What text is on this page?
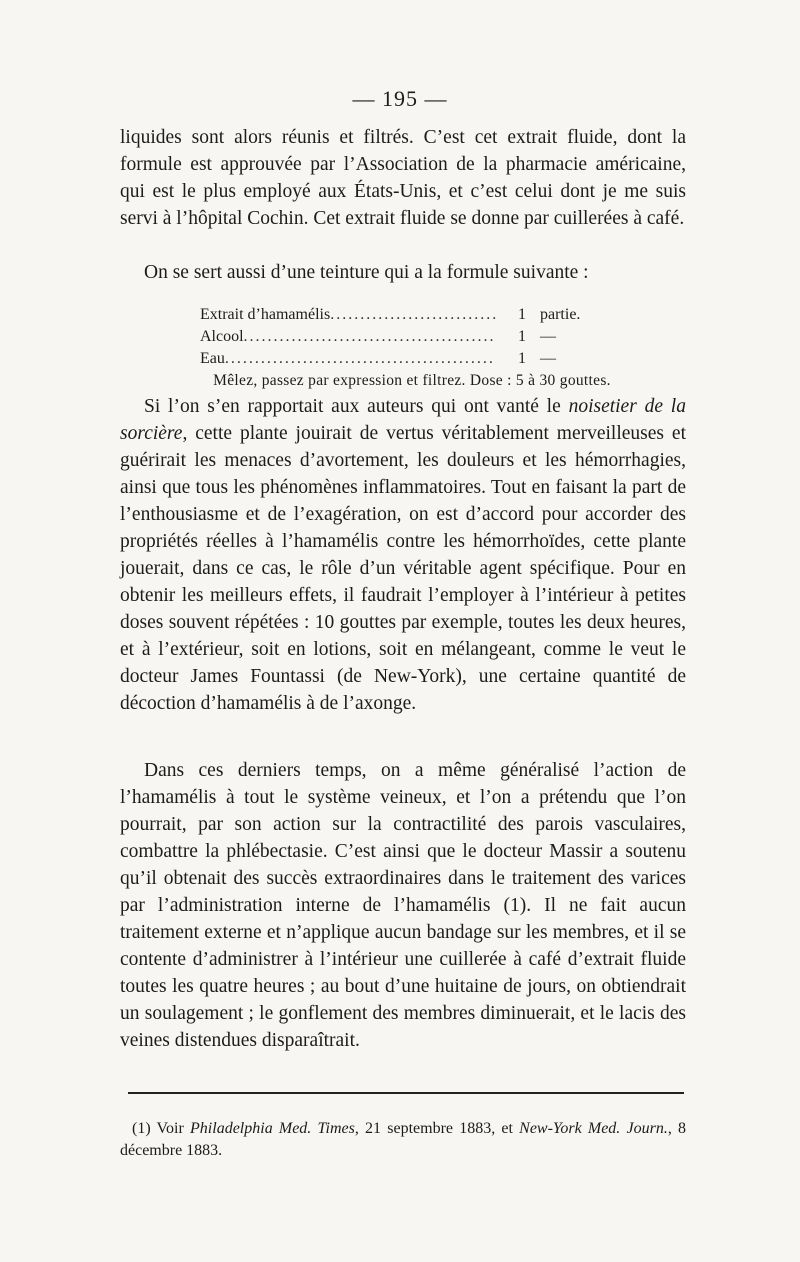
— 195 —

liquides sont alors réunis et filtrés. C’est cet extrait fluide, dont la formule est approuvée par l’Association de la pharmacie américaine, qui est le plus employé aux États-Unis, et c’est celui dont je me suis servi à l’hôpital Cochin. Cet extrait fluide se donne par cuillerées à café.

On se sert aussi d’une teinture qui a la formule suivante :

Extrait d’hamamélis .....	1 partie.
Alcool .....	1 —
Eau .....	1 —
Mêlez, passez par expression et filtrez. Dose : 5 à 30 gouttes.

Si l’on s’en rapportait aux auteurs qui ont vanté le noisetier de la sorcière, cette plante jouirait de vertus véritablement merveilleuses et guérirait les menaces d’avortement, les douleurs et les hémorrhagies, ainsi que tous les phénomènes inflammatoires. Tout en faisant la part de l’enthousiasme et de l’exagération, on est d’accord pour accorder des propriétés réelles à l’hamamélis contre les hémorrhoïdes, cette plante jouerait, dans ce cas, le rôle d’un véritable agent spécifique. Pour en obtenir les meilleurs effets, il faudrait l’employer à l’intérieur à petites doses souvent répétées : 10 gouttes par exemple, toutes les deux heures, et à l’extérieur, soit en lotions, soit en mélangeant, comme le veut le docteur James Fountassi (de New-York), une certaine quantité de décoction d’hamamélis à de l’axonge.

Dans ces derniers temps, on a même généralisé l’action de l’hamamélis à tout le système veineux, et l’on a prétendu que l’on pourrait, par son action sur la contractilité des parois vasculaires, combattre la phlébectasie. C’est ainsi que le docteur Massir a soutenu qu’il obtenait des succès extraordinaires dans le traitement des varices par l’administration interne de l’hamamélis (1). Il ne fait aucun traitement externe et n’applique aucun bandage sur les membres, et il se contente d’administrer à l’intérieur une cuillerée à café d’extrait fluide toutes les quatre heures ; au bout d’une huitaine de jours, on obtiendrait un soulagement ; le gonflement des membres diminuerait, et le lacis des veines distendues disparaîtrait.

(1) Voir Philadelphia Med. Times, 21 septembre 1883, et New-York Med. Journ., 8 décembre 1883.
